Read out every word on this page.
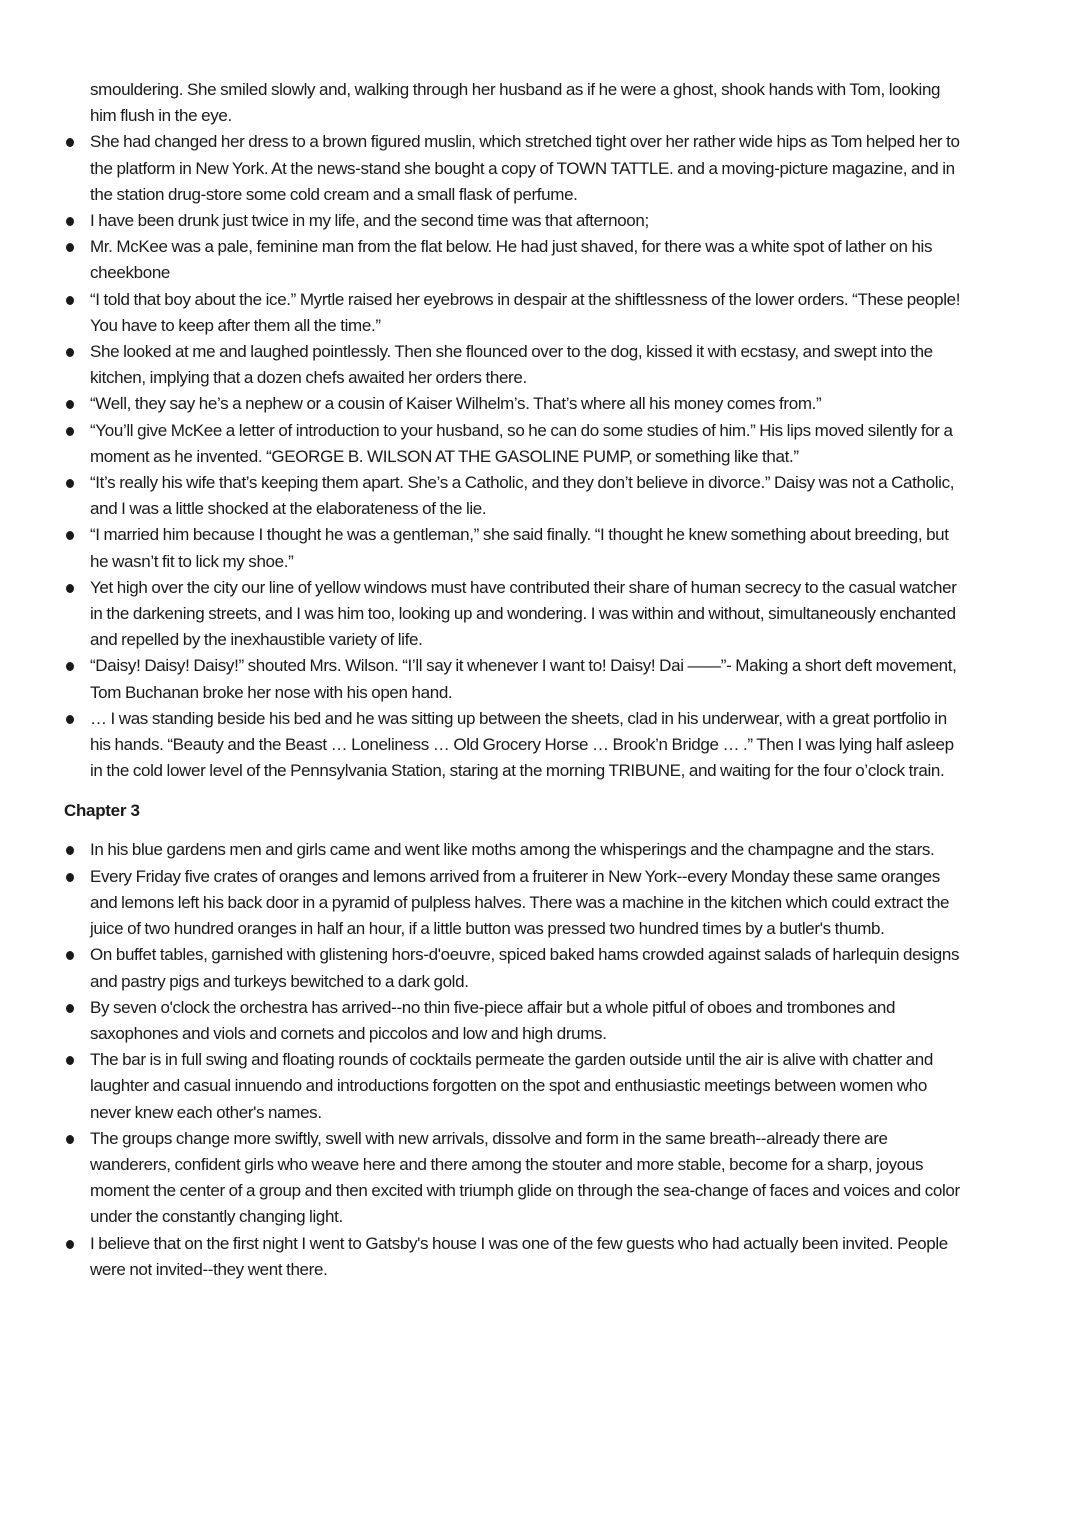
smouldering. She smiled slowly and, walking through her husband as if he were a ghost, shook hands with Tom, looking him flush in the eye.

She had changed her dress to a brown figured muslin, which stretched tight over her rather wide hips as Tom helped her to the platform in New York. At the news-stand she bought a copy of TOWN TATTLE. and a moving-picture magazine, and in the station drug-store some cold cream and a small flask of perfume.
I have been drunk just twice in my life, and the second time was that afternoon;
Mr. McKee was a pale, feminine man from the flat below. He had just shaved, for there was a white spot of lather on his cheekbone
“I told that boy about the ice.” Myrtle raised her eyebrows in despair at the shiftlessness of the lower orders. “These people! You have to keep after them all the time.”
She looked at me and laughed pointlessly. Then she flounced over to the dog, kissed it with ecstasy, and swept into the kitchen, implying that a dozen chefs awaited her orders there.
“Well, they say he’s a nephew or a cousin of Kaiser Wilhelm’s. That’s where all his money comes from.”
“You’ll give McKee a letter of introduction to your husband, so he can do some studies of him.” His lips moved silently for a moment as he invented. “GEORGE B. WILSON AT THE GASOLINE PUMP, or something like that.”
“It’s really his wife that’s keeping them apart. She’s a Catholic, and they don’t believe in divorce.” Daisy was not a Catholic, and I was a little shocked at the elaborateness of the lie.
“I married him because I thought he was a gentleman,” she said finally. “I thought he knew something about breeding, but he wasn’t fit to lick my shoe.”
Yet high over the city our line of yellow windows must have contributed their share of human secrecy to the casual watcher in the darkening streets, and I was him too, looking up and wondering. I was within and without, simultaneously enchanted and repelled by the inexhaustible variety of life.
“Daisy! Daisy! Daisy!” shouted Mrs. Wilson. “I’ll say it whenever I want to! Daisy! Dai ——”- Making a short deft movement, Tom Buchanan broke her nose with his open hand.
… I was standing beside his bed and he was sitting up between the sheets, clad in his underwear, with a great portfolio in his hands. “Beauty and the Beast … Loneliness … Old Grocery Horse … Brook’n Bridge … .” Then I was lying half asleep in the cold lower level of the Pennsylvania Station, staring at the morning TRIBUNE, and waiting for the four o’clock train.
Chapter 3
In his blue gardens men and girls came and went like moths among the whisperings and the champagne and the stars.
Every Friday five crates of oranges and lemons arrived from a fruiterer in New York--every Monday these same oranges and lemons left his back door in a pyramid of pulpless halves. There was a machine in the kitchen which could extract the juice of two hundred oranges in half an hour, if a little button was pressed two hundred times by a butler's thumb.
On buffet tables, garnished with glistening hors-d'oeuvre, spiced baked hams crowded against salads of harlequin designs and pastry pigs and turkeys bewitched to a dark gold.
By seven o'clock the orchestra has arrived--no thin five-piece affair but a whole pitful of oboes and trombones and saxophones and viols and cornets and piccolos and low and high drums.
The bar is in full swing and floating rounds of cocktails permeate the garden outside until the air is alive with chatter and laughter and casual innuendo and introductions forgotten on the spot and enthusiastic meetings between women who never knew each other's names.
The groups change more swiftly, swell with new arrivals, dissolve and form in the same breath--already there are wanderers, confident girls who weave here and there among the stouter and more stable, become for a sharp, joyous moment the center of a group and then excited with triumph glide on through the sea-change of faces and voices and color under the constantly changing light.
I believe that on the first night I went to Gatsby's house I was one of the few guests who had actually been invited. People were not invited--they went there.
